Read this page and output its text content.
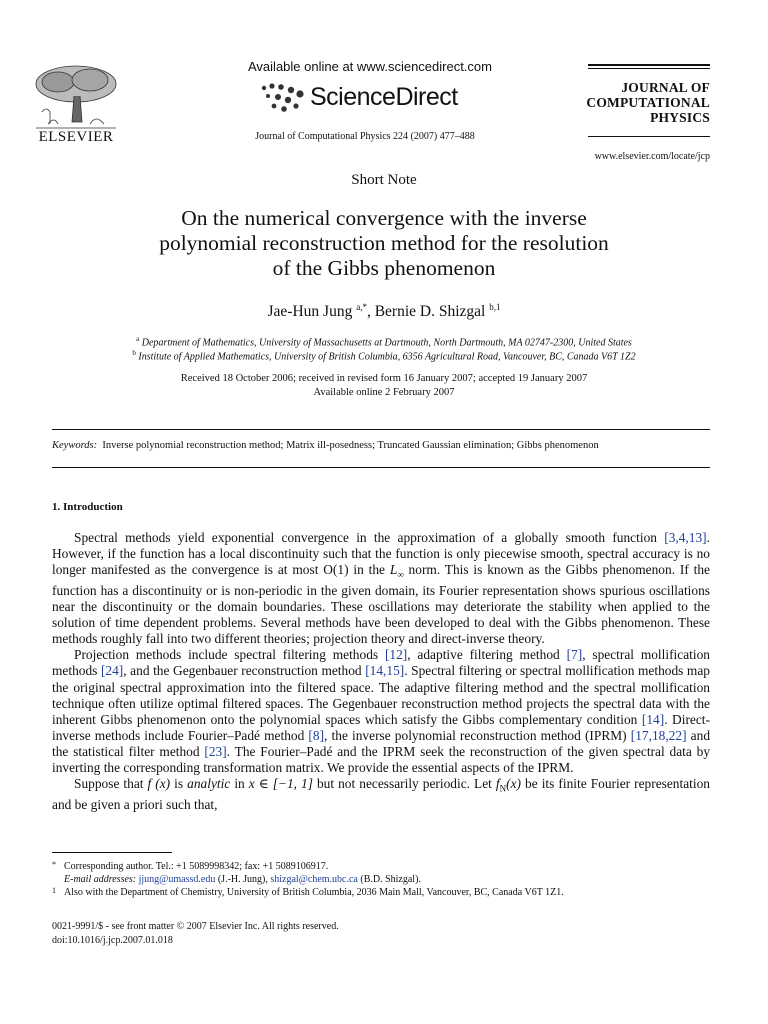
ELSEVIER
Available online at www.sciencedirect.com
ScienceDirect
Journal of Computational Physics 224 (2007) 477–488
JOURNAL OF
COMPUTATIONAL
PHYSICS
www.elsevier.com/locate/jcp
Short Note
On the numerical convergence with the inverse
polynomial reconstruction method for the resolution
of the Gibbs phenomenon
Jae-Hun Jung $^{a,*}$, Bernie D. Shizgal $^{b,1}$
$^a$ Department of Mathematics, University of Massachusetts at Dartmouth, North Dartmouth, MA 02747-2300, United States
$^b$ Institute of Applied Mathematics, University of British Columbia, 6356 Agricultural Road, Vancouver, BC, Canada V6T 1Z2
Received 18 October 2006; received in revised form 16 January 2007; accepted 19 January 2007
Available online 2 February 2007
Keywords: Inverse polynomial reconstruction method; Matrix ill-posedness; Truncated Gaussian elimination; Gibbs phenomenon
1. Introduction

Spectral methods yield exponential convergence in the approximation of a globally smooth function [3,4,13]. However, if the function has a local discontinuity such that the function is only piecewise smooth, spectral accuracy is no longer manifested as the convergence is at most O(1) in the $L_\infty$ norm. This is known as the Gibbs phenomenon. If the function has a discontinuity or is non-periodic in the given domain, its Fourier representation shows spurious oscillations near the discontinuity or the domain boundaries. These oscillations may deteriorate the stability when applied to the solution of time dependent problems. Several methods have been developed to deal with the Gibbs phenomenon. These methods roughly fall into two different theories; projection theory and direct-inverse theory.

Projection methods include spectral filtering methods [12], adaptive filtering method [7], spectral mollification methods [24], and the Gegenbauer reconstruction method [14,15]. Spectral filtering or spectral mollification methods map the original spectral approximation into the filtered space. The adaptive filtering method and the spectral mollification technique often utilize optimal filtered spaces. The Gegenbauer reconstruction method projects the spectral data with the inherent Gibbs phenomenon onto the polynomial spaces which satisfy the Gibbs complementary condition [14]. Direct-inverse methods include Fourier–Padé method [8], the inverse polynomial reconstruction method (IPRM) [17,18,22] and the statistical filter method [23]. The Fourier–Padé and the IPRM seek the reconstruction of the given spectral data by inverting the corresponding transformation matrix. We provide the essential aspects of the IPRM.

Suppose that f (x) is analytic in x ∈ [−1, 1] but not necessarily periodic. Let $f_N(x)$ be its finite Fourier representation and be given a priori such that,

* Corresponding author. Tel.: +1 5089998342; fax: +1 5089106917.
E-mail addresses: jjung@umassd.edu (J.-H. Jung), shizgal@chem.ubc.ca (B.D. Shizgal).
1 Also with the Department of Chemistry, University of British Columbia, 2036 Main Mall, Vancouver, BC, Canada V6T 1Z1.
0021-9991/$ - see front matter © 2007 Elsevier Inc. All rights reserved.
doi:10.1016/j.jcp.2007.01.018
